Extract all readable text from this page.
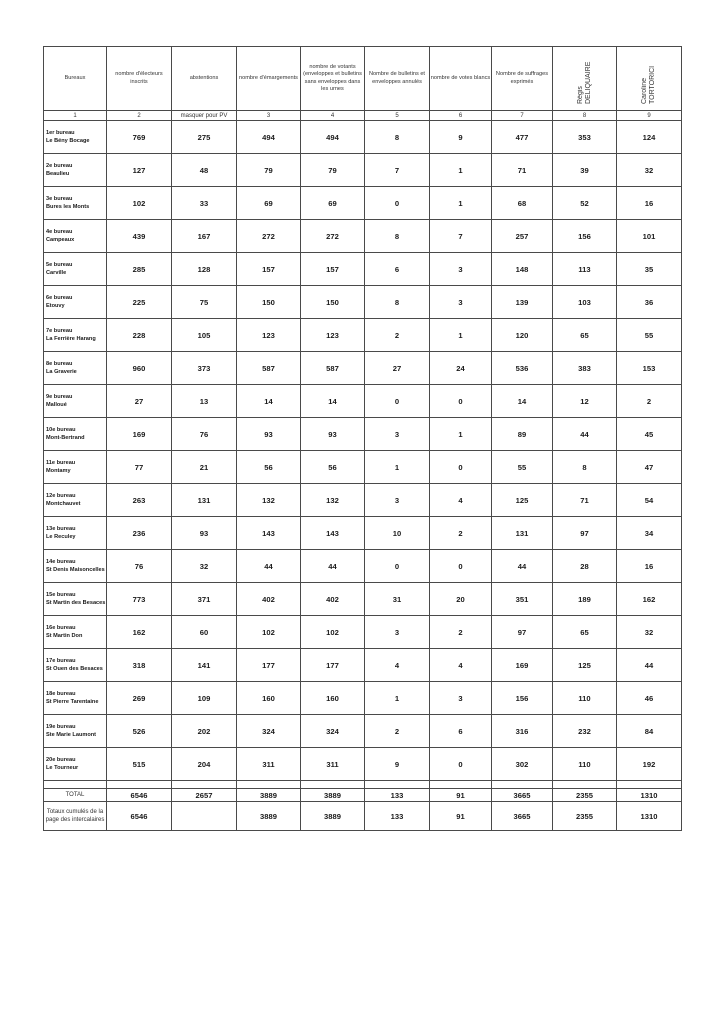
Bureaux	nombre d'électeurs inscrits	abstentions	nombre d'émargements	nombre de votants (enveloppes et bulletins sans enveloppes dans les urnes	Nombre de bulletins et enveloppes annulés	nombre de votes blancs	Nombre de suffrages exprimés	Régis DELIQUAIRE	Caroline TORTORICI
1	2	masquer pour PV	3	4	5	6	7	8	9

1er bureau
Le Bény Bocage	769	275	494	494	8	9	477	353	124

2e bureau
Beaulieu	127	48	79	79	7	1	71	39	32

3e bureau
Bures les Monts	102	33	69	69	0	1	68	52	16

4e bureau
Campeaux	439	167	272	272	8	7	257	156	101

5e bureau
Carville	285	128	157	157	6	3	148	113	35

6e bureau
Etouvy	225	75	150	150	8	3	139	103	36

7e bureau
La Ferrière Harang	228	105	123	123	2	1	120	65	55

8e bureau
La Graverie	960	373	587	587	27	24	536	383	153

9e bureau
Malloué	27	13	14	14	0	0	14	12	2

10e bureau
Mont-Bertrand	169	76	93	93	3	1	89	44	45

11e bureau
Montamy	77	21	56	56	1	0	55	8	47

12e bureau
Montchauvet	263	131	132	132	3	4	125	71	54

13e bureau
Le Reculey	236	93	143	143	10	2	131	97	34

14e bureau
St Denis Maisoncelles	76	32	44	44	0	0	44	28	16

15e bureau
St Martin des Besaces	773	371	402	402	31	20	351	189	162

16e bureau
St Martin Don	162	60	102	102	3	2	97	65	32

17e bureau
St Ouen des Besaces	318	141	177	177	4	4	169	125	44

18e bureau
St Pierre Tarentaine	269	109	160	160	1	3	156	110	46

19e bureau
Ste Marie Laumont	526	202	324	324	2	6	316	232	84

20e bureau
Le Tourneur	515	204	311	311	9	0	302	110	192

TOTAL	6546	2657	3889	3889	133	91	3665	2355	1310
Totaux cumulés de la page des intercalaires	6546		3889	3889	133	91	3665	2355	1310
